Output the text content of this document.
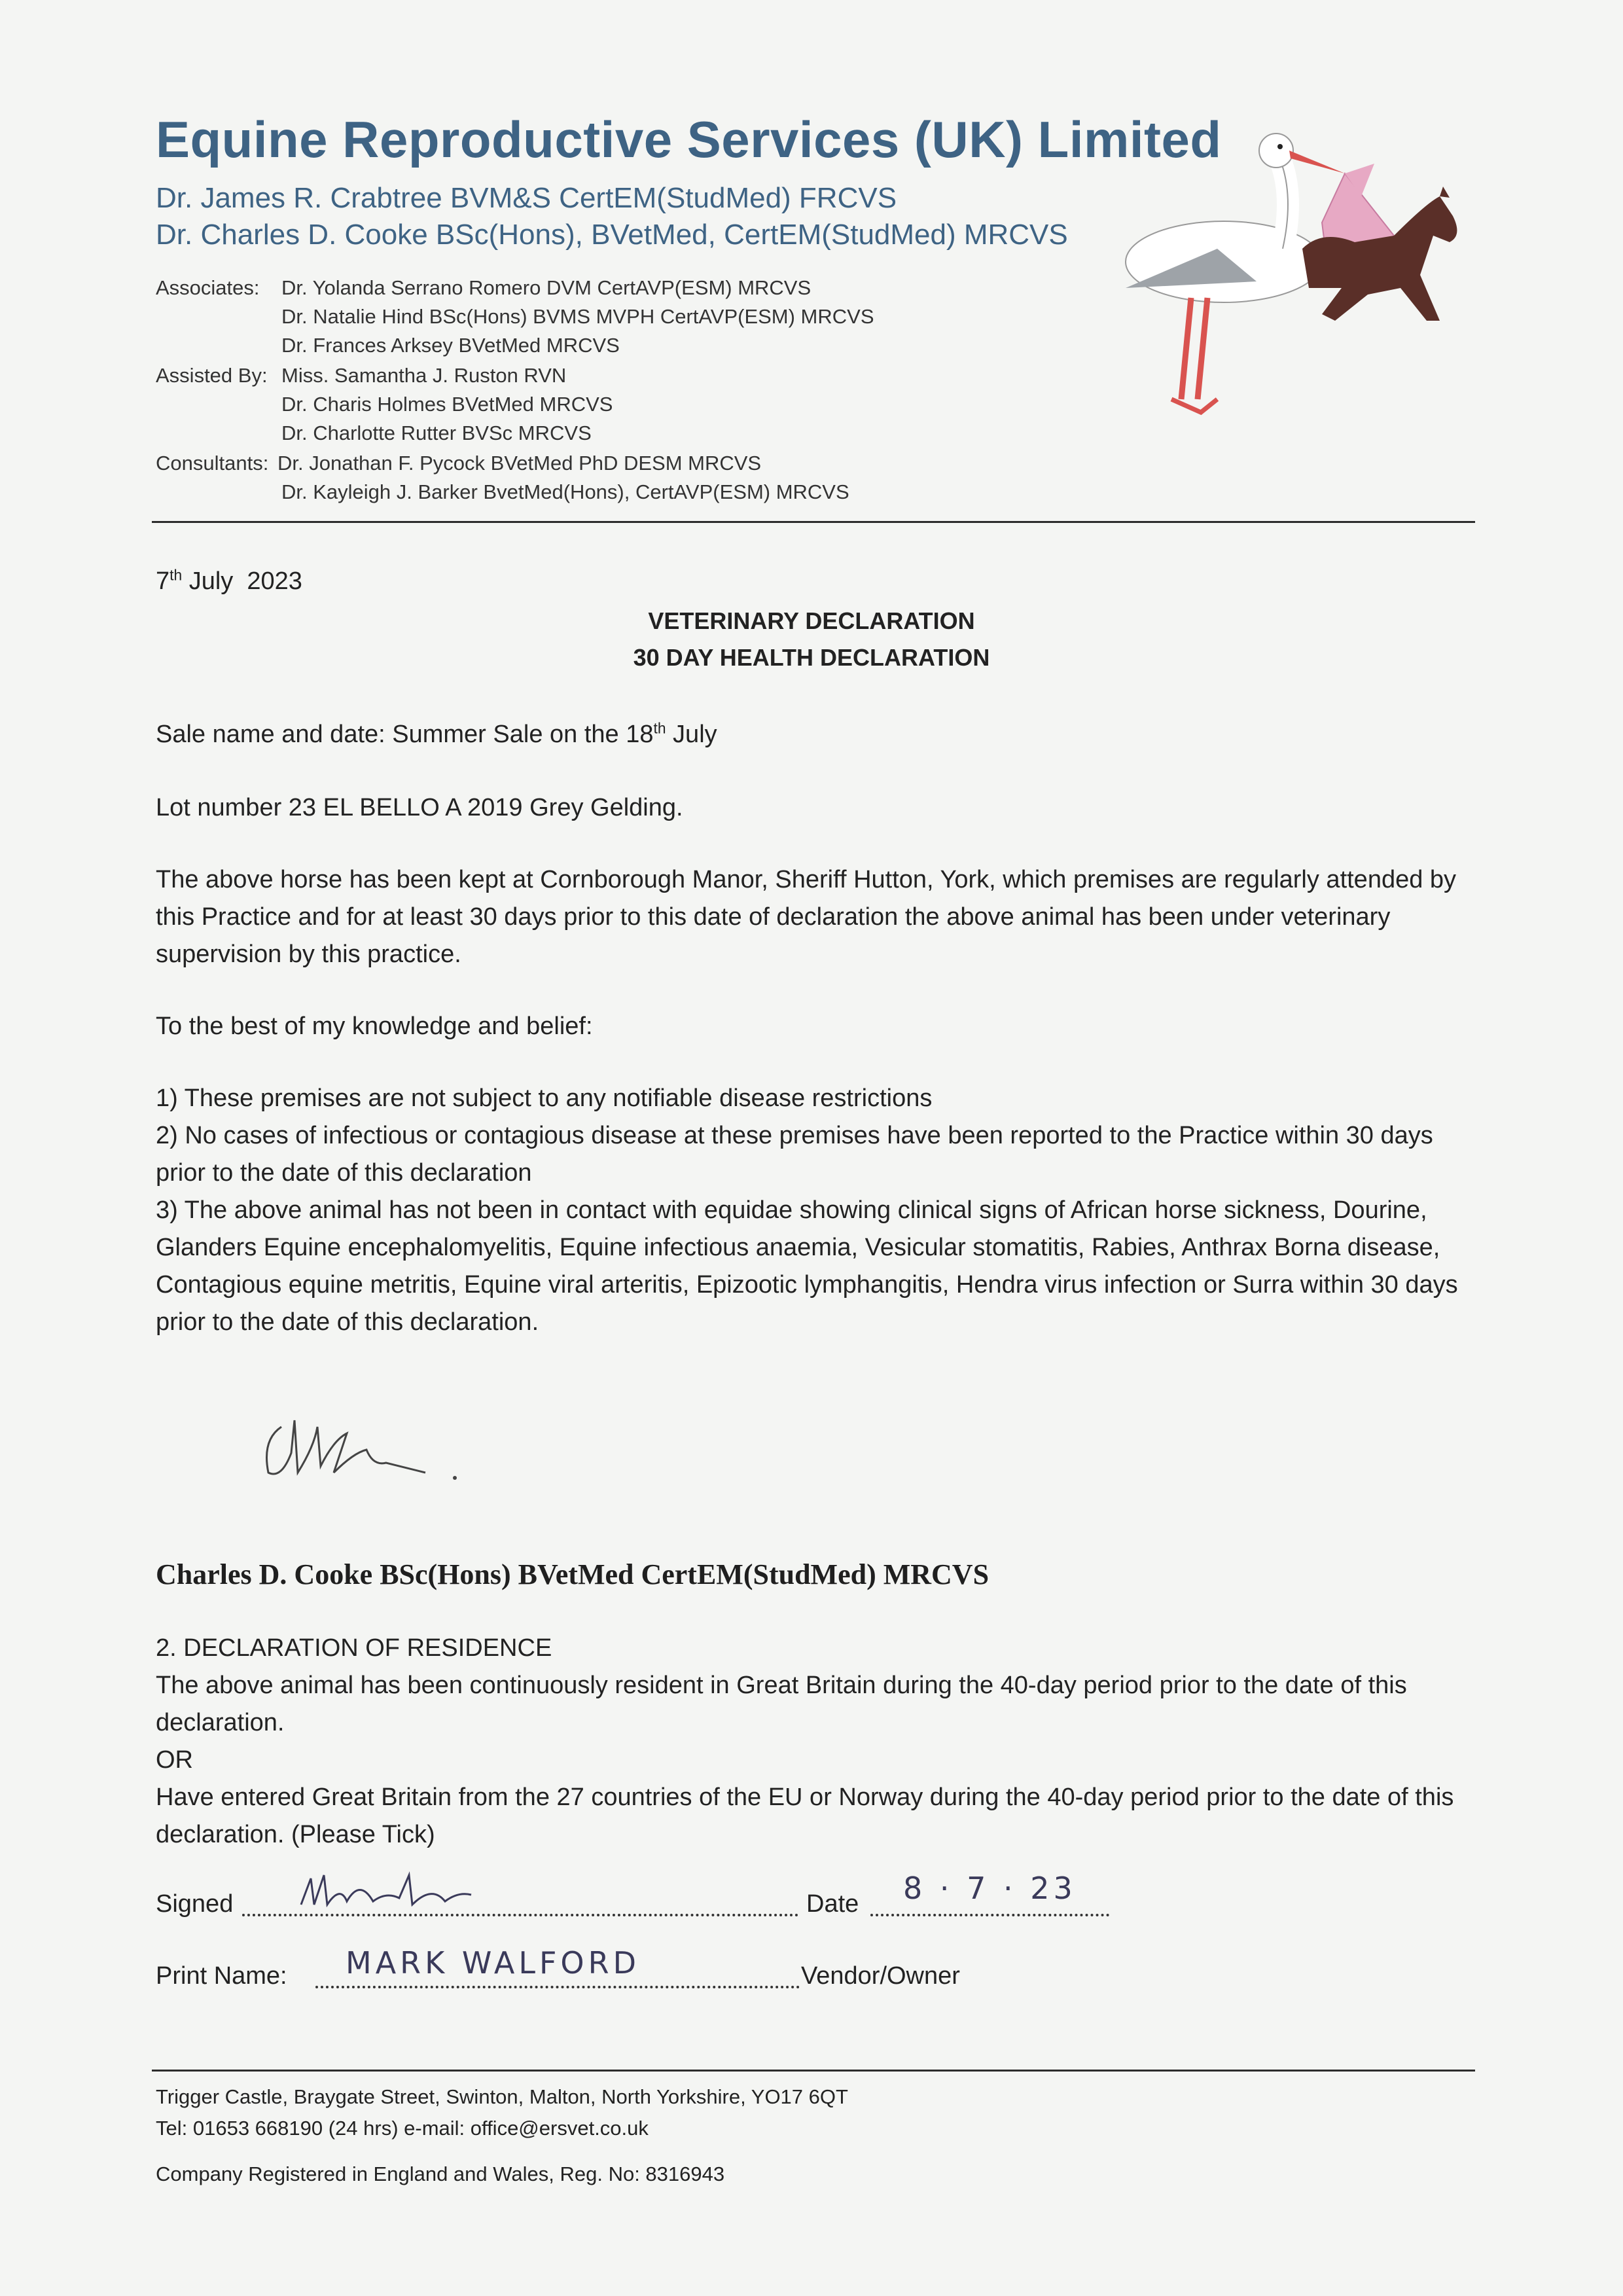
Equine Reproductive Services (UK) Limited
Dr. James R. Crabtree BVM&S CertEM(StudMed) FRCVS
Dr. Charles D. Cooke BSc(Hons), BVetMed, CertEM(StudMed) MRCVS
Associates: Dr. Yolanda Serrano Romero DVM CertAVP(ESM) MRCVS
Dr. Natalie Hind BSc(Hons) BVMS MVPH CertAVP(ESM) MRCVS
Dr. Frances Arksey BVetMed MRCVS
Assisted By: Miss. Samantha J. Ruston RVN
Dr. Charis Holmes BVetMed MRCVS
Dr. Charlotte Rutter BVSc MRCVS
Consultants: Dr. Jonathan F. Pycock BVetMed PhD DESM MRCVS
Dr. Kayleigh J. Barker BvetMed(Hons), CertAVP(ESM) MRCVS
7th July  2023
VETERINARY DECLARATION
30 DAY HEALTH DECLARATION
Sale name and date: Summer Sale on the 18th July
Lot number 23 EL BELLO A 2019 Grey Gelding.
The above horse has been kept at Cornborough Manor, Sheriff Hutton, York, which premises are regularly attended by this Practice and for at least 30 days prior to this date of declaration the above animal has been under veterinary supervision by this practice.
To the best of my knowledge and belief:
1) These premises are not subject to any notifiable disease restrictions
2) No cases of infectious or contagious disease at these premises have been reported to the Practice within 30 days prior to the date of this declaration
3) The above animal has not been in contact with equidae showing clinical signs of African horse sickness, Dourine, Glanders Equine encephalomyelitis, Equine infectious anaemia, Vesicular stomatitis, Rabies, Anthrax Borna disease, Contagious equine metritis, Equine viral arteritis, Epizootic lymphangitis, Hendra virus infection or Surra within 30 days prior to the date of this declaration.
Charles D. Cooke BSc(Hons) BVetMed CertEM(StudMed) MRCVS
2. DECLARATION OF RESIDENCE
The above animal has been continuously resident in Great Britain during the 40-day period prior to the date of this declaration.
OR
Have entered Great Britain from the 27 countries of the EU or Norway during the 40-day period prior to the date of this declaration. (Please Tick)
Signed	Date 8 · 7 · 23
Print Name: MARK WALFORD	Vendor/Owner
Trigger Castle, Braygate Street, Swinton, Malton, North Yorkshire, YO17 6QT
Tel: 01653 668190 (24 hrs) e-mail: office@ersvet.co.uk
Company Registered in England and Wales, Reg. No: 8316943
